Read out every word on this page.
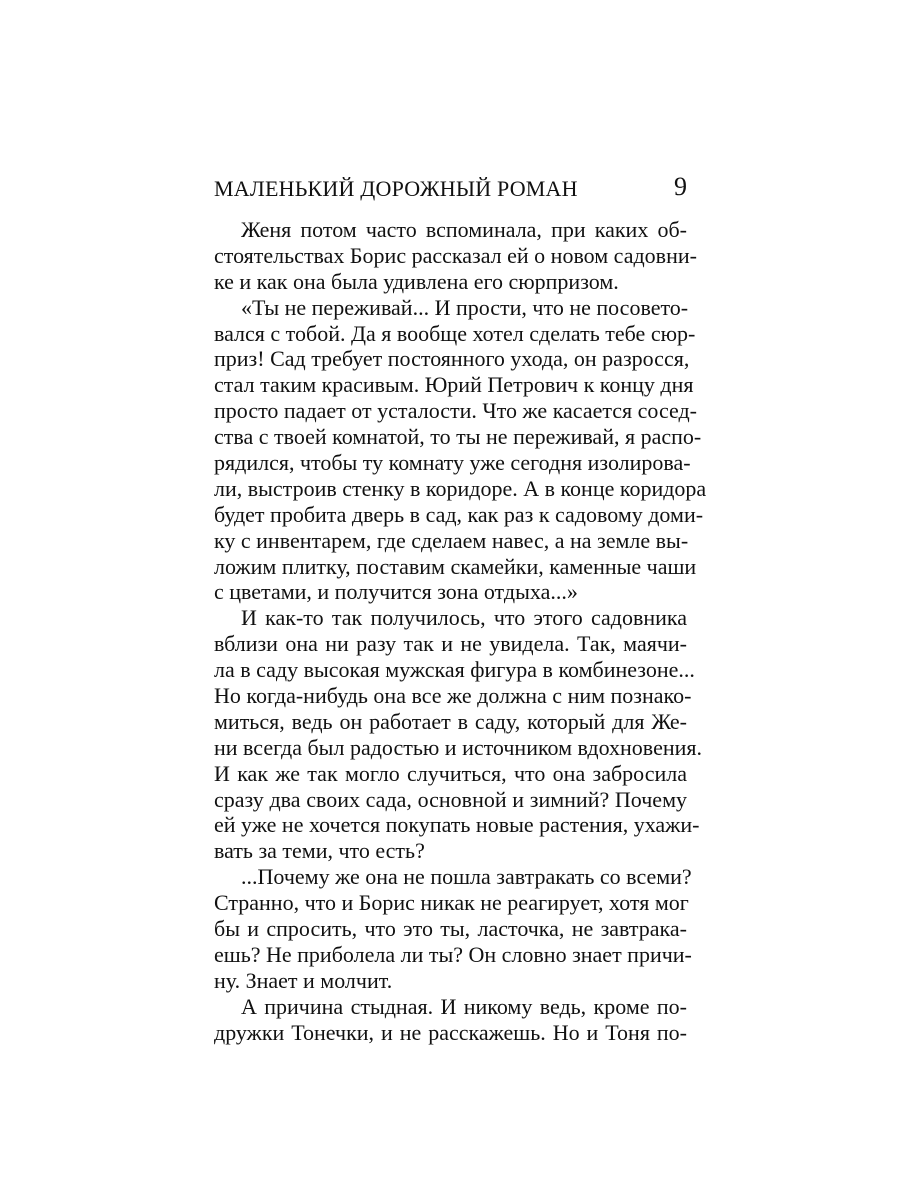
МАЛЕНЬКИЙ ДОРОЖНЫЙ РОМАН	9
Женя потом часто вспоминала, при каких об-
стоятельствах Борис рассказал ей о новом садовни-
ке и как она была удивлена его сюрпризом.
«Ты не переживай... И прости, что не посовето-
вался с тобой. Да я вообще хотел сделать тебе сюр-
приз! Сад требует постоянного ухода, он разросся,
стал таким красивым. Юрий Петрович к концу дня
просто падает от усталости. Что же касается сосед-
ства с твоей комнатой, то ты не переживай, я распо-
рядился, чтобы ту комнату уже сегодня изолирова-
ли, выстроив стенку в коридоре. А в конце коридора
будет пробита дверь в сад, как раз к садовому доми-
ку с инвентарем, где сделаем навес, а на земле вы-
ложим плитку, поставим скамейки, каменные чаши
с цветами, и получится зона отдыха...»
И как-то так получилось, что этого садовника
вблизи она ни разу так и не увидела. Так, маячи-
ла в саду высокая мужская фигура в комбинезоне...
Но когда-нибудь она все же должна с ним познако-
миться, ведь он работает в саду, который для Же-
ни всегда был радостью и источником вдохновения.
И как же так могло случиться, что она забросила
сразу два своих сада, основной и зимний? Почему
ей уже не хочется покупать новые растения, ухажи-
вать за теми, что есть?
...Почему же она не пошла завтракать со всеми?
Странно, что и Борис никак не реагирует, хотя мог
бы и спросить, что это ты, ласточка, не завтрака-
ешь? Не приболела ли ты? Он словно знает причи-
ну. Знает и молчит.
А причина стыдная. И никому ведь, кроме по-
дружки Тонечки, и не расскажешь. Но и Тоня по-
